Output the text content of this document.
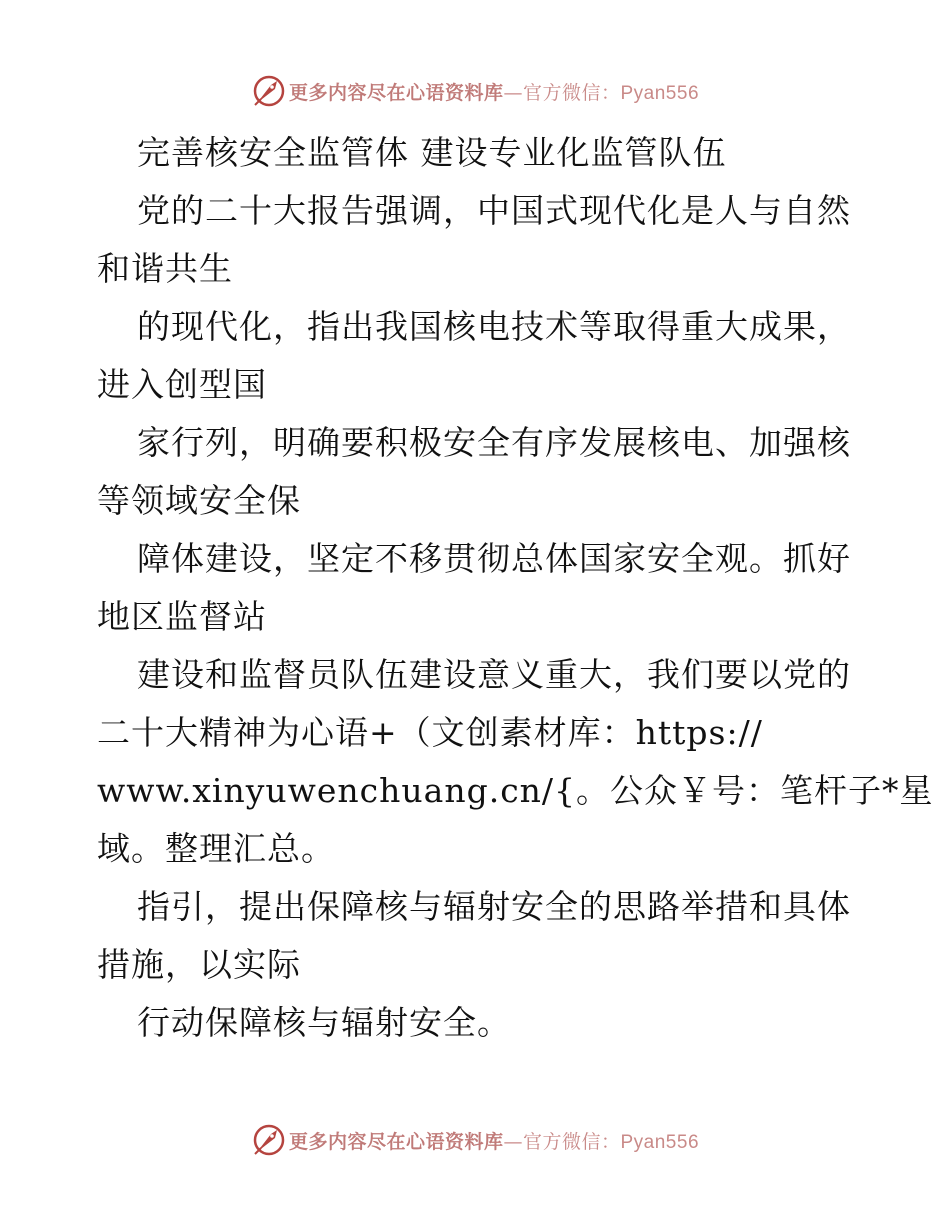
更多内容尽在心语资料库—官方微信：Pyan556
完善核安全监管体 建设专业化监管队伍
党的二十大报告强调，中国式现代化是人与自然
和谐共生
的现代化，指出我国核电技术等取得重大成果，
进入创型国
家行列，明确要积极安全有序发展核电、加强核
等领域安全保
障体建设，坚定不移贯彻总体国家安全观。抓好
地区监督站
建设和监督员队伍建设意义重大，我们要以党的
二十大精神为心语+（文创素材库：https://
www.xinyuwenchuang.cn/{。公众￥号：笔杆子*星
域。整理汇总。
指引，提出保障核与辐射安全的思路举措和具体
措施，以实际
行动保障核与辐射安全。
更多内容尽在心语资料库—官方微信：Pyan556
